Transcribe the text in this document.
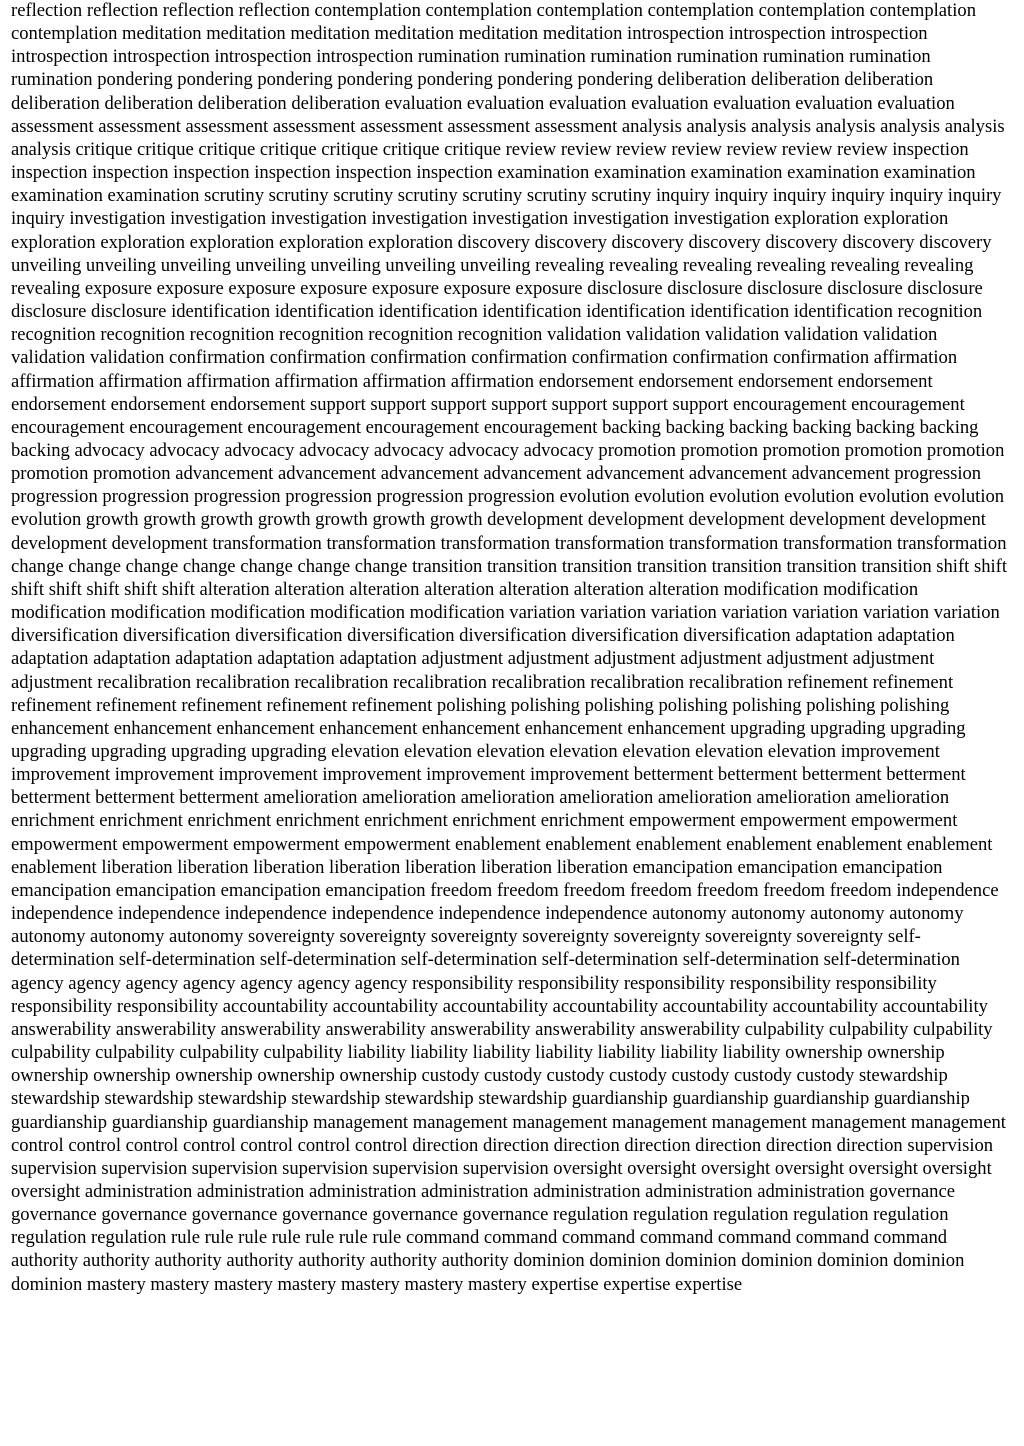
reflection reflection reflection reflection contemplation contemplation contemplation contemplation contemplation contemplation contemplation meditation meditation meditation meditation meditation meditation introspection introspection introspection introspection introspection introspection introspection rumination rumination rumination rumination rumination rumination rumination pondering pondering pondering pondering pondering pondering pondering deliberation deliberation deliberation deliberation deliberation deliberation deliberation evaluation evaluation evaluation evaluation evaluation evaluation evaluation assessment assessment assessment assessment assessment assessment assessment analysis analysis analysis analysis analysis analysis analysis critique critique critique critique critique critique critique review review review review review review review inspection inspection inspection inspection inspection inspection inspection examination examination examination examination examination examination examination scrutiny scrutiny scrutiny scrutiny scrutiny scrutiny scrutiny inquiry inquiry inquiry inquiry inquiry inquiry inquiry investigation investigation investigation investigation investigation investigation investigation exploration exploration exploration exploration exploration exploration exploration discovery discovery discovery discovery discovery discovery discovery unveiling unveiling unveiling unveiling unveiling unveiling unveiling revealing revealing revealing revealing revealing revealing revealing exposure exposure exposure exposure exposure exposure exposure disclosure disclosure disclosure disclosure disclosure disclosure disclosure identification identification identification identification identification identification identification recognition recognition recognition recognition recognition recognition recognition validation validation validation validation validation validation validation confirmation confirmation confirmation confirmation confirmation confirmation confirmation affirmation affirmation affirmation affirmation affirmation affirmation affirmation endorsement endorsement endorsement endorsement endorsement endorsement endorsement support support support support support support support encouragement encouragement encouragement encouragement encouragement encouragement encouragement backing backing backing backing backing backing backing advocacy advocacy advocacy advocacy advocacy advocacy advocacy promotion promotion promotion promotion promotion promotion promotion advancement advancement advancement advancement advancement advancement advancement progression progression progression progression progression progression progression evolution evolution evolution evolution evolution evolution evolution growth growth growth growth growth growth growth development development development development development development development transformation transformation transformation transformation transformation transformation transformation change change change change change change change transition transition transition transition transition transition transition shift shift shift shift shift shift shift alteration alteration alteration alteration alteration alteration alteration modification modification modification modification modification modification modification variation variation variation variation variation variation variation diversification diversification diversification diversification diversification diversification diversification adaptation adaptation adaptation adaptation adaptation adaptation adaptation adjustment adjustment adjustment adjustment adjustment adjustment adjustment recalibration recalibration recalibration recalibration recalibration recalibration recalibration refinement refinement refinement refinement refinement refinement refinement polishing polishing polishing polishing polishing polishing polishing enhancement enhancement enhancement enhancement enhancement enhancement enhancement upgrading upgrading upgrading upgrading upgrading upgrading upgrading elevation elevation elevation elevation elevation elevation elevation improvement improvement improvement improvement improvement improvement improvement betterment betterment betterment betterment betterment betterment betterment amelioration amelioration amelioration amelioration amelioration amelioration amelioration enrichment enrichment enrichment enrichment enrichment enrichment enrichment empowerment empowerment empowerment empowerment empowerment empowerment empowerment enablement enablement enablement enablement enablement enablement enablement liberation liberation liberation liberation liberation liberation liberation emancipation emancipation emancipation emancipation emancipation emancipation emancipation freedom freedom freedom freedom freedom freedom freedom independence independence independence independence independence independence independence autonomy autonomy autonomy autonomy autonomy autonomy autonomy sovereignty sovereignty sovereignty sovereignty sovereignty sovereignty sovereignty self-determination self-determination self-determination self-determination self-determination self-determination self-determination agency agency agency agency agency agency agency responsibility responsibility responsibility responsibility responsibility responsibility responsibility accountability accountability accountability accountability accountability accountability accountability answerability answerability answerability answerability answerability answerability answerability culpability culpability culpability culpability culpability culpability culpability liability liability liability liability liability liability liability ownership ownership ownership ownership ownership ownership ownership custody custody custody custody custody custody custody stewardship stewardship stewardship stewardship stewardship stewardship stewardship guardianship guardianship guardianship guardianship guardianship guardianship guardianship management management management management management management management control control control control control control control direction direction direction direction direction direction direction supervision supervision supervision supervision supervision supervision supervision oversight oversight oversight oversight oversight oversight oversight administration administration administration administration administration administration administration governance governance governance governance governance governance governance regulation regulation regulation regulation regulation regulation regulation rule rule rule rule rule rule rule command command command command command command command authority authority authority authority authority authority authority dominion dominion dominion dominion dominion dominion dominion mastery mastery mastery mastery mastery mastery mastery expertise expertise expertise
